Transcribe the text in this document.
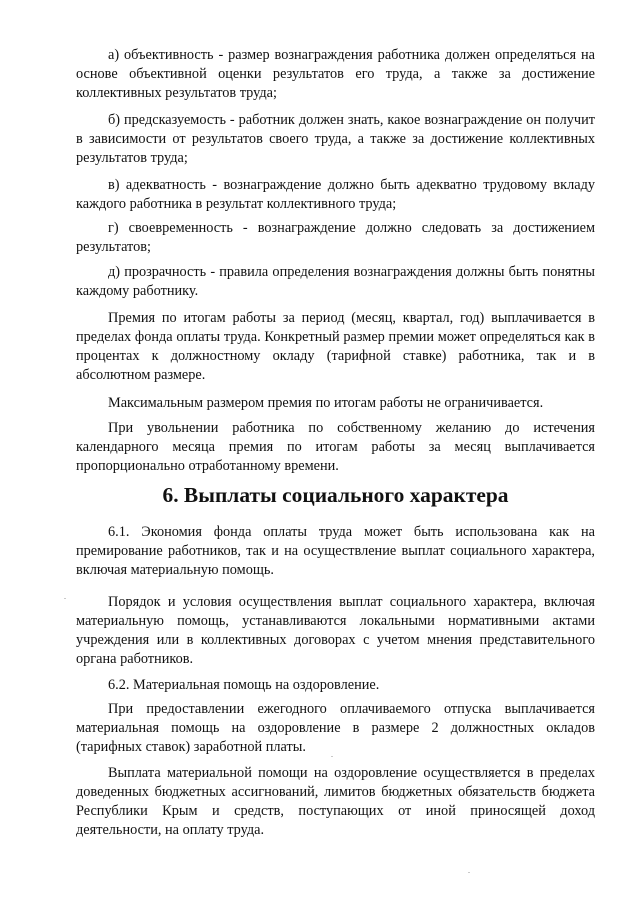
а) объективность - размер вознаграждения работника должен определяться на основе объективной оценки результатов его труда, а также за достижение коллективных результатов труда;

б) предсказуемость - работник должен знать, какое вознаграждение он получит в зависимости от результатов своего труда, а также за достижение коллективных результатов труда;

в) адекватность - вознаграждение должно быть адекватно трудовому вкладу каждого работника в результат коллективного труда;

г) своевременность - вознаграждение должно следовать за достижением результатов;

д) прозрачность - правила определения вознаграждения должны быть понятны каждому работнику.

Премия по итогам работы за период (месяц, квартал, год) выплачивается в пределах фонда оплаты труда. Конкретный размер премии может определяться как в процентах к должностному окладу (тарифной ставке) работника, так и в абсолютном размере.

Максимальным размером премия по итогам работы не ограничивается.

При увольнении работника по собственному желанию до истечения календарного месяца премия по итогам работы за месяц выплачивается пропорционально отработанному времени.

6. Выплаты социального характера

6.1. Экономия фонда оплаты труда может быть использована как на премирование работников, так и на осуществление выплат социального характера, включая материальную помощь.

Порядок и условия осуществления выплат социального характера, включая материальную помощь, устанавливаются локальными нормативными актами учреждения или в коллективных договорах с учетом мнения представительного органа работников.

6.2. Материальная помощь на оздоровление.

При предоставлении ежегодного оплачиваемого отпуска выплачивается материальная помощь на оздоровление в размере 2 должностных окладов (тарифных ставок) заработной платы.

Выплата материальной помощи на оздоровление осуществляется в пределах доведенных бюджетных ассигнований, лимитов бюджетных обязательств бюджета Республики Крым и средств, поступающих от иной приносящей доход деятельности, на оплату труда.
